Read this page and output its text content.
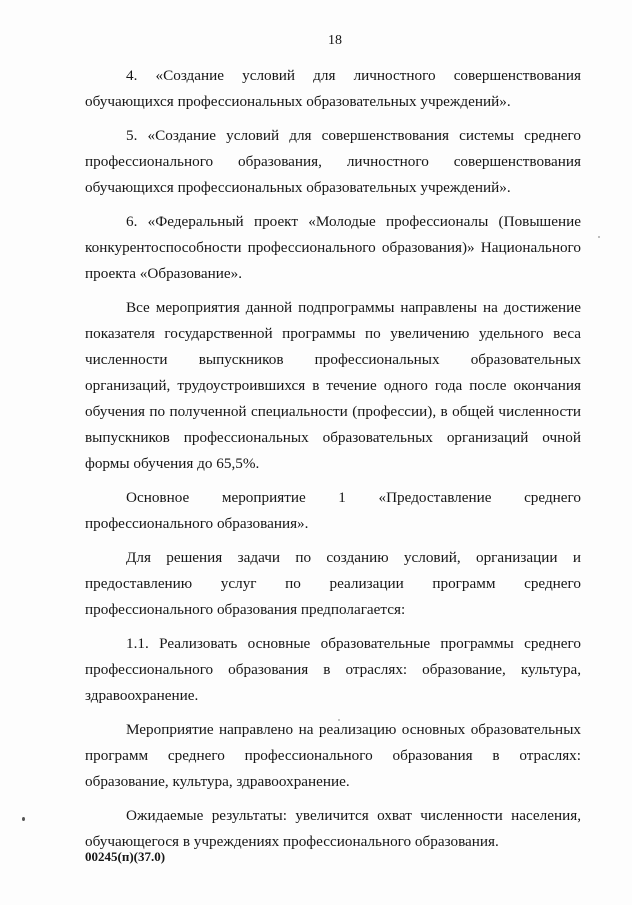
18

4. «Создание условий для личностного совершенствования обучающихся профессиональных образовательных учреждений».

5. «Создание условий для совершенствования системы среднего профессионального образования, личностного совершенствования обучающихся профессиональных образовательных учреждений».

6. «Федеральный проект «Молодые профессионалы (Повышение конкурентоспособности профессионального образования)» Национального проекта «Образование».

Все мероприятия данной подпрограммы направлены на достижение показателя государственной программы по увеличению удельного веса численности выпускников профессиональных образовательных организаций, трудоустроившихся в течение одного года после окончания обучения по полученной специальности (профессии), в общей численности выпускников профессиональных образовательных организаций очной формы обучения до 65,5%.

Основное мероприятие 1 «Предоставление среднего профессионального образования».

Для решения задачи по созданию условий, организации и предоставлению услуг по реализации программ среднего профессионального образования предполагается:

1.1. Реализовать основные образовательные программы среднего профессионального образования в отраслях: образование, культура, здравоохранение.

Мероприятие направлено на реализацию основных образовательных программ среднего профессионального образования в отраслях: образование, культура, здравоохранение.

Ожидаемые результаты: увеличится охват численности населения, обучающегося в учреждениях профессионального образования.

00245(п)(37.0)
